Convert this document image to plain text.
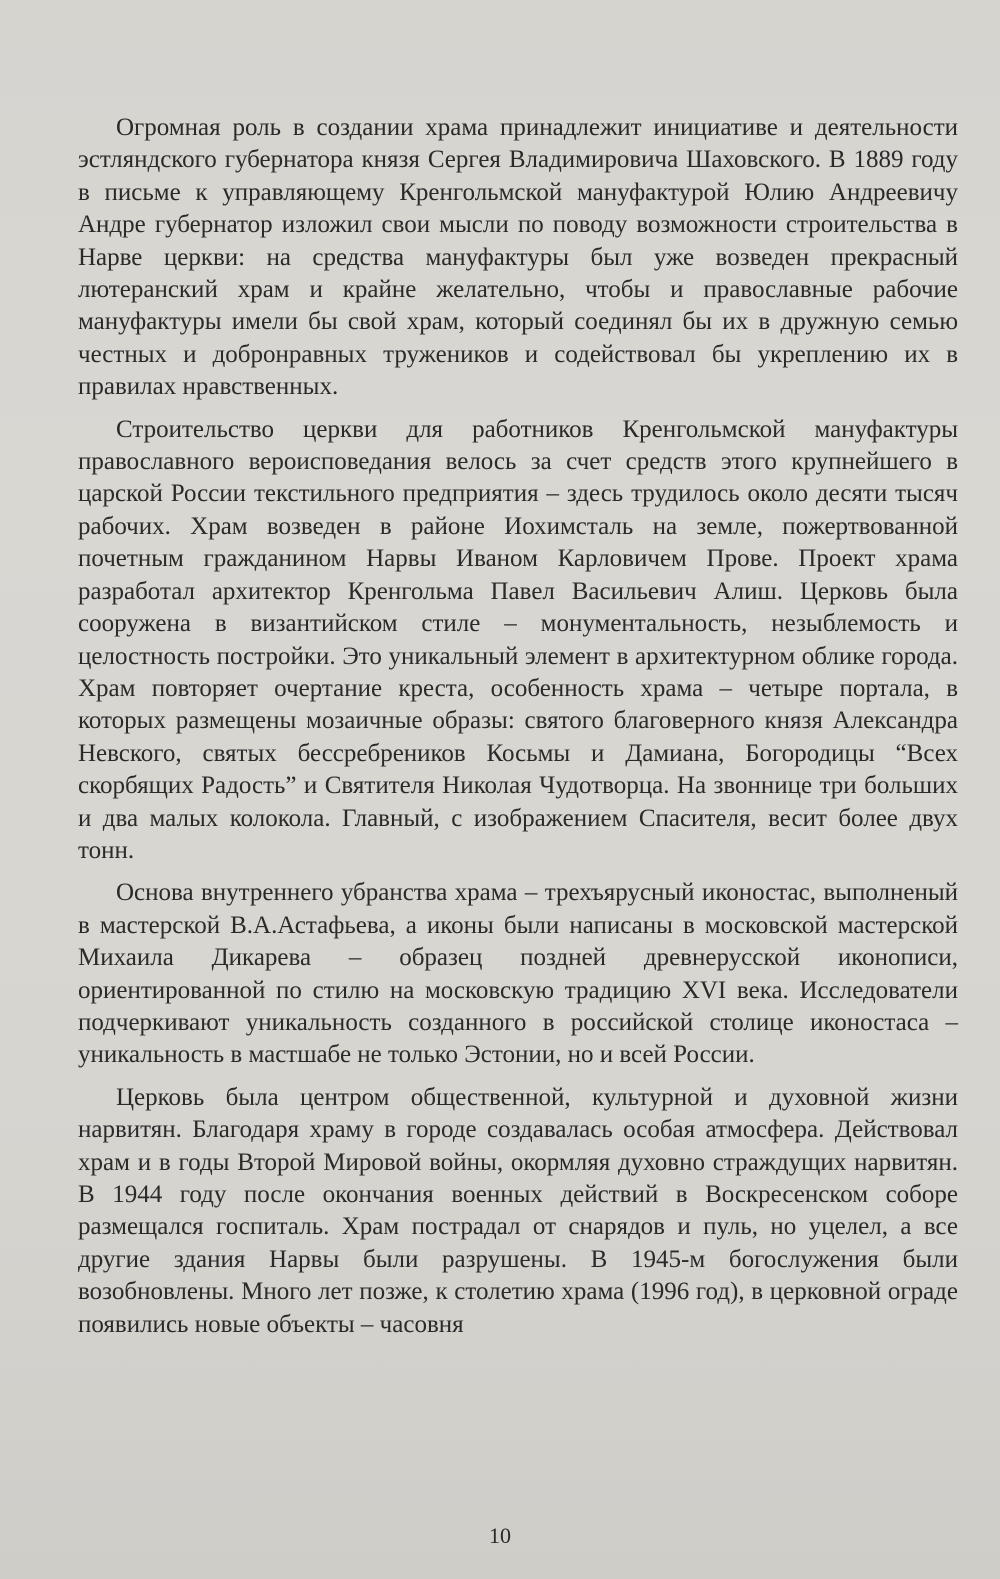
Огромная роль в создании храма принадлежит инициативе и деятельности эстляндского губернатора князя Сергея Владимировича Шаховского. В 1889 году в письме к управляющему Кренгольмской мануфактурой Юлию Андреевичу Андре губернатор изложил свои мысли по поводу возможности строительства в Нарве церкви: на средства мануфактуры был уже возведен прекрасный лютеранский храм и крайне желательно, чтобы и православные рабочие мануфактуры имели бы свой храм, который соединял бы их в дружную семью честных и добронравных тружеников и содействовал бы укреплению их в правилах нравственных.

Строительство церкви для работников Кренгольмской мануфактуры православного вероисповедания велось за счет средств этого крупнейшего в царской России текстильного предприятия – здесь трудилось около десяти тысяч рабочих. Храм возведен в районе Иохимсталь на земле, пожертвованной почетным гражданином Нарвы Иваном Карловичем Прове. Проект храма разработал архитектор Кренгольма Павел Васильевич Алиш. Церковь была сооружена в византийском стиле – монументальность, незыблемость и целостность постройки. Это уникальный элемент в архитектурном облике города. Храм повторяет очертание креста, особенность храма – четыре портала, в которых размещены мозаичные образы: святого благоверного князя Александра Невского, святых бессребреников Косьмы и Дамиана, Богородицы “Всех скорбящих Радость” и Святителя Николая Чудотворца. На звоннице три больших и два малых колокола. Главный, с изображением Спасителя, весит более двух тонн.

Основа внутреннего убранства храма – трехъярусный иконостас, выполненый в мастерской В.А.Астафьева, а иконы были написаны в московской мастерской Михаила Дикарева – образец поздней древнерусской иконописи, ориентированной по стилю на московскую традицию XVI века. Исследователи подчеркивают уникальность созданного в российской столице иконостаса – уникальность в мастшабе не только Эстонии, но и всей России.

Церковь была центром общественной, культурной и духовной жизни нарвитян. Благодаря храму в городе создавалась особая атмосфера. Действовал храм и в годы Второй Мировой войны, окормляя духовно страждущих нарвитян. В 1944 году после окончания военных действий в Воскресенском соборе размещался госпиталь. Храм пострадал от снарядов и пуль, но уцелел, а все другие здания Нарвы были разрушены. В 1945-м богослужения были возобновлены. Много лет позже, к столетию храма (1996 год), в церковной ограде появились новые объекты – часовня

10
